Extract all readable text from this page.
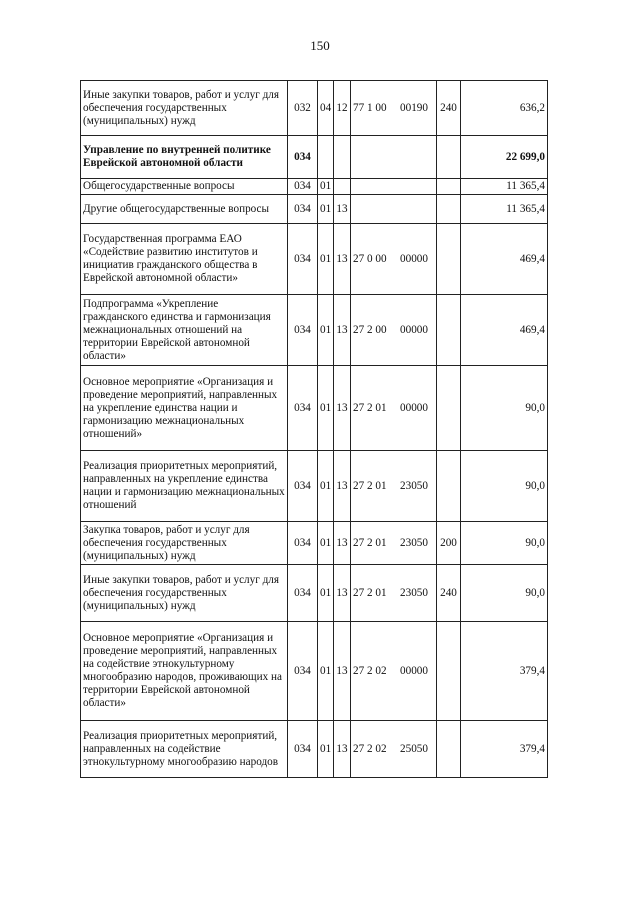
150
Иные закупки товаров, работ и услуг для обеспечения государственных (муниципальных) нужд	032	04	12	77 1 00 00190	240	636,2
Управление по внутренней политике Еврейской автономной области	034					22 699,0
Общегосударственные вопросы	034	01				11 365,4
Другие общегосударственные вопросы	034	01	13			11 365,4
Государственная программа ЕАО «Содействие развитию институтов и инициатив гражданского общества в Еврейской автономной области»	034	01	13	27 0 00 00000		469,4
Подпрограмма «Укрепление гражданского единства и гармонизация межнациональных отношений на территории Еврейской автономной области»	034	01	13	27 2 00 00000		469,4
Основное мероприятие «Организация и проведение мероприятий, направленных на укрепление единства нации и гармонизацию межнациональных отношений»	034	01	13	27 2 01 00000		90,0
Реализация приоритетных мероприятий, направленных на укрепление единства нации и гармонизацию межнациональных отношений	034	01	13	27 2 01 23050		90,0
Закупка товаров, работ и услуг для обеспечения государственных (муниципальных) нужд	034	01	13	27 2 01 23050	200	90,0
Иные закупки товаров, работ и услуг для обеспечения государственных (муниципальных) нужд	034	01	13	27 2 01 23050	240	90,0
Основное мероприятие «Организация и проведение мероприятий, направленных на содействие этнокультурному многообразию народов, проживающих на территории Еврейской автономной области»	034	01	13	27 2 02 00000		379,4
Реализация приоритетных мероприятий, направленных на содействие этнокультурному многообразию народов	034	01	13	27 2 02 25050		379,4
